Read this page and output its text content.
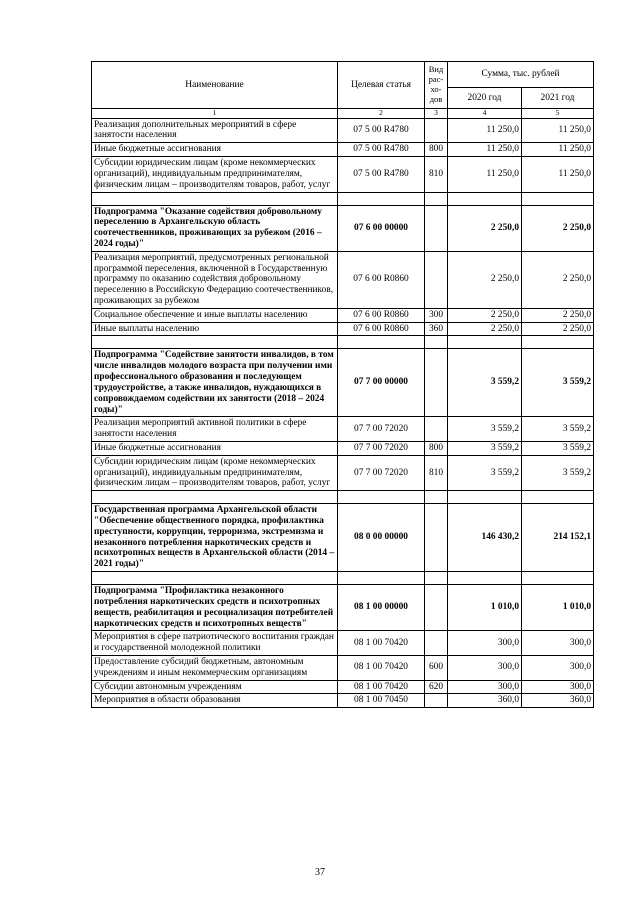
Наименование	Целевая статья	Вид рас-хо-дов	Сумма, тыс. рублей	
			2020 год	2021 год
1	2	3	4	5
Реализация дополнительных мероприятий в сфере занятости населения	07 5 00 R4780		11 250,0	11 250,0
Иные бюджетные ассигнования	07 5 00 R4780	800	11 250,0	11 250,0
Субсидии юридическим лицам (кроме некоммерческих организаций), индивидуальным предпринимателям, физическим лицам – производителям товаров, работ, услуг	07 5 00 R4780	810	11 250,0	11 250,0

Подпрограмма "Оказание содействия добровольному переселению в Архангельскую область соотечественников, проживающих за рубежом (2016 – 2024 годы)"	07 6 00 00000		2 250,0	2 250,0
Реализация мероприятий, предусмотренных региональной программой переселения, включенной в Государственную программу по оказанию содействия добровольному переселению в Российскую Федерацию соотечественников, проживающих за рубежом	07 6 00 R0860		2 250,0	2 250,0
Социальное обеспечение и иные выплаты населению	07 6 00 R0860	300	2 250,0	2 250,0
Иные выплаты населению	07 6 00 R0860	360	2 250,0	2 250,0

Подпрограмма "Содействие занятости инвалидов, в том числе инвалидов молодого возраста при получении ими профессионального образования и последующем трудоустройстве, а также инвалидов, нуждающихся в сопровождаемом содействии их занятости (2018 – 2024 годы)"	07 7 00 00000		3 559,2	3 559,2
Реализация мероприятий активной политики в сфере занятости населения	07 7 00 72020		3 559,2	3 559,2
Иные бюджетные ассигнования	07 7 00 72020	800	3 559,2	3 559,2
Субсидии юридическим лицам (кроме некоммерческих организаций), индивидуальным предпринимателям, физическим лицам – производителям товаров, работ, услуг	07 7 00 72020	810	3 559,2	3 559,2

Государственная программа Архангельской области "Обеспечение общественного порядка, профилактика преступности, коррупции, терроризма, экстремизма и незаконного потребления наркотических средств и психотропных веществ в Архангельской области (2014 – 2021 годы)"	08 0 00 00000		146 430,2	214 152,1

Подпрограмма "Профилактика незаконного потребления наркотических средств и психотропных веществ, реабилитация и ресоциализация потребителей наркотических средств и психотропных веществ"	08 1 00 00000		1 010,0	1 010,0
Мероприятия в сфере патриотического воспитания граждан и государственной молодежной политики	08 1 00 70420		300,0	300,0
Предоставление субсидий бюджетным, автономным учреждениям и иным некоммерческим организациям	08 1 00 70420	600	300,0	300,0
Субсидии автономным учреждениям	08 1 00 70420	620	300,0	300,0
Мероприятия в области образования	08 1 00 70450		360,0	360,0
37
